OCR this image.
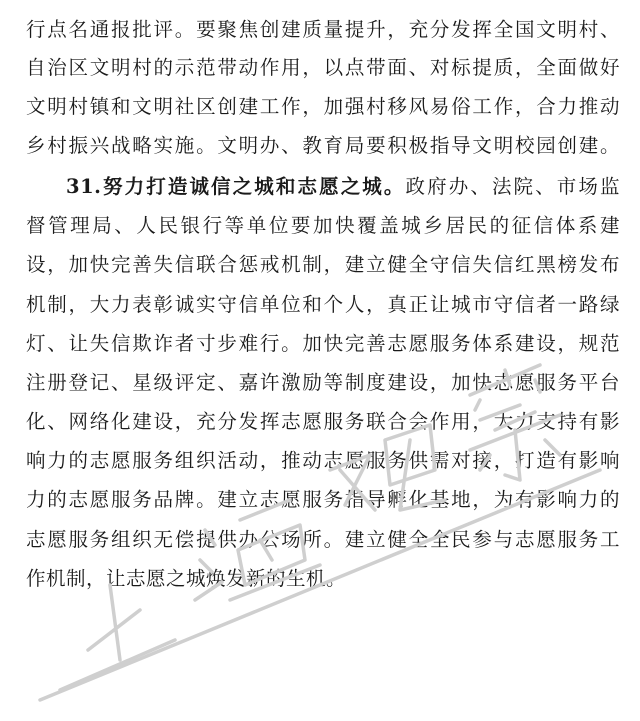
行点名通报批评。要聚焦创建质量提升，充分发挥全国文明村、
自治区文明村的示范带动作用，以点带面、对标提质，全面做好
文明村镇和文明社区创建工作，加强村移风易俗工作，合力推动
乡村振兴战略实施。文明办、教育局要积极指导文明校园创建。
31.努力打造诚信之城和志愿之城。政府办、法院、市场监
督管理局、人民银行等单位要加快覆盖城乡居民的征信体系建
设，加快完善失信联合惩戒机制，建立健全守信失信红黑榜发布
机制，大力表彰诚实守信单位和个人，真正让城市守信者一路绿
灯、让失信欺诈者寸步难行。加快完善志愿服务体系建设，规范
注册登记、星级评定、嘉许激励等制度建设，加快志愿服务平台
化、网络化建设，充分发挥志愿服务联合会作用，大力支持有影
响力的志愿服务组织活动，推动志愿服务供需对接，打造有影响
力的志愿服务品牌。建立志愿服务指导孵化基地，为有影响力的
志愿服务组织无偿提供办公场所。建立健全全民参与志愿服务工
作机制，让志愿之城焕发新的生机。
